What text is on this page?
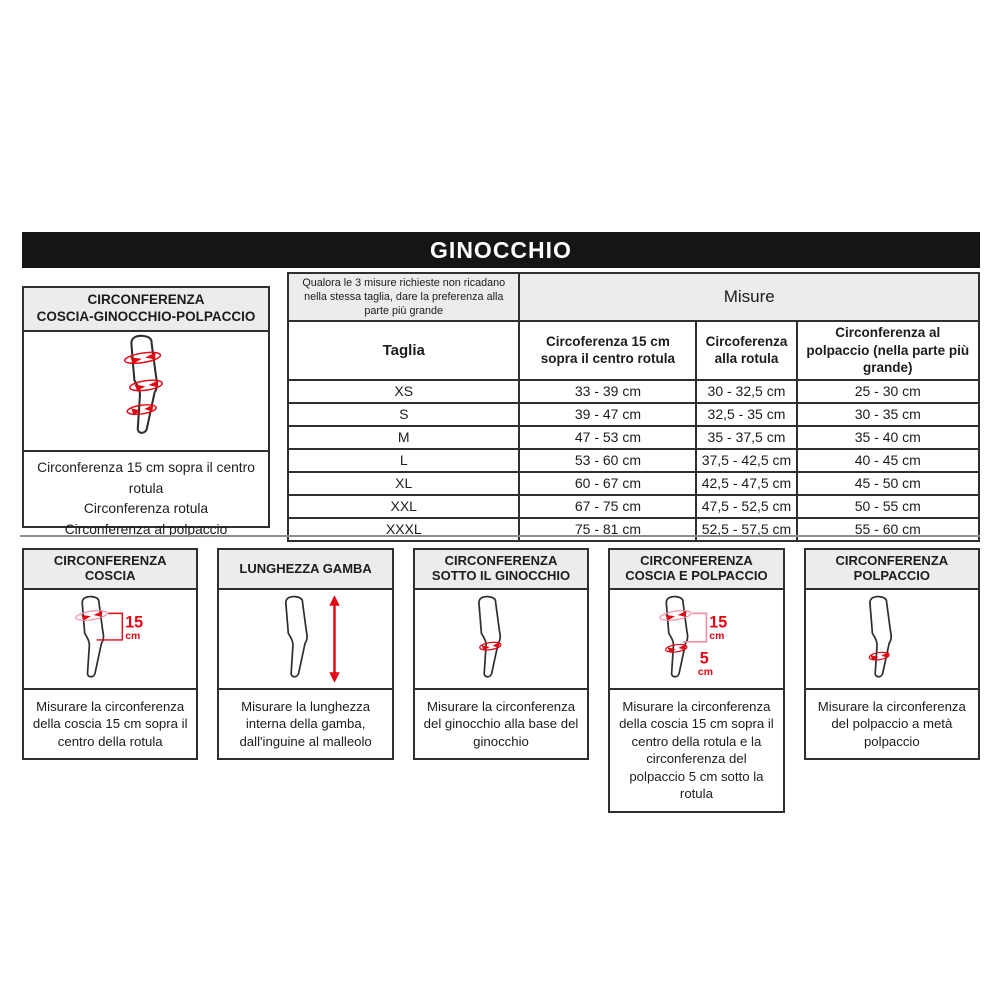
GINOCCHIO
CIRCONFERENZA
COSCIA-GINOCCHIO-POLPACCIO
Circonferenza 15 cm sopra il centro rotula
Circonferenza rotula
Circonferenza al polpaccio
Qualora le 3 misure richieste non ricadano nella stessa taglia, dare la preferenza alla parte più grande	Misure		
Taglia	Circoferenza 15 cm sopra il centro rotula	Circoferenza alla rotula	Circonferenza al polpaccio (nella parte più grande)
XS	33 - 39 cm	30 - 32,5 cm	25 - 30 cm
S	39 - 47 cm	32,5 - 35 cm	30 - 35 cm
M	47 - 53 cm	35 - 37,5 cm	35 - 40 cm
L	53 - 60 cm	37,5 - 42,5 cm	40 - 45 cm
XL	60 - 67 cm	42,5 - 47,5 cm	45 - 50 cm
XXL	67 - 75 cm	47,5 - 52,5 cm	50 - 55 cm
XXXL	75 - 81 cm	52,5 - 57,5 cm	55 - 60 cm
CIRCONFERENZA COSCIA
15
cm
Misurare la circonferenza della coscia 15 cm sopra il centro della rotula
LUNGHEZZA GAMBA
Misurare la lunghezza interna della gamba, dall'inguine al malleolo
CIRCONFERENZA SOTTO IL GINOCCHIO
Misurare la circonferenza del ginocchio alla base del ginocchio
CIRCONFERENZA COSCIA E POLPACCIO
15
cm
5
cm
Misurare la circonferenza della coscia 15 cm sopra il centro della rotula e la circonferenza del polpaccio 5 cm sotto la rotula
CIRCONFERENZA POLPACCIO
Misurare la circonferenza del polpaccio a metà polpaccio
